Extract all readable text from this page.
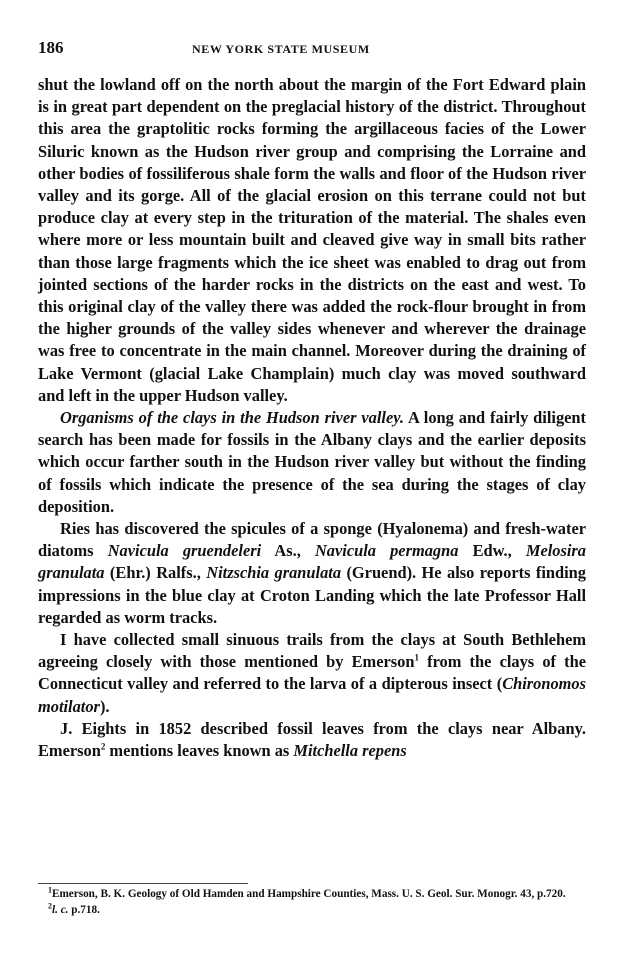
186	NEW YORK STATE MUSEUM

shut the lowland off on the north about the margin of the Fort Edward plain is in great part dependent on the preglacial history of the district. Throughout this area the graptolitic rocks forming the argillaceous facies of the Lower Siluric known as the Hudson river group and comprising the Lorraine and other bodies of fossiliferous shale form the walls and floor of the Hudson river valley and its gorge. All of the glacial erosion on this terrane could not but produce clay at every step in the trituration of the material. The shales even where more or less mountain built and cleaved give way in small bits rather than those large fragments which the ice sheet was enabled to drag out from jointed sections of the harder rocks in the districts on the east and west. To this original clay of the valley there was added the rock-flour brought in from the higher grounds of the valley sides whenever and wherever the drainage was free to concentrate in the main channel. Moreover during the draining of Lake Vermont (glacial Lake Champlain) much clay was moved southward and left in the upper Hudson valley.

Organisms of the clays in the Hudson river valley. A long and fairly diligent search has been made for fossils in the Albany clays and the earlier deposits which occur farther south in the Hudson river valley but without the finding of fossils which indicate the presence of the sea during the stages of clay deposition.

Ries has discovered the spicules of a sponge (Hyalonema) and fresh-water diatoms Navicula gruendeleri As., Navicula permagna Edw., Melosira granulata (Ehr.) Ralfs., Nitzschia granulata (Gruend). He also reports finding impressions in the blue clay at Croton Landing which the late Professor Hall regarded as worm tracks.

I have collected small sinuous trails from the clays at South Bethlehem agreeing closely with those mentioned by Emerson$^1$ from the clays of the Connecticut valley and referred to the larva of a dipterous insect (Chironomos motilator).

J. Eights in 1852 described fossil leaves from the clays near Albany. Emerson$^2$ mentions leaves known as Mitchella repens

$^1$Emerson, B. K. Geology of Old Hamden and Hampshire Counties, Mass. U. S. Geol. Sur. Monogr. 43, p.720.

$^2$l. c. p.718.
